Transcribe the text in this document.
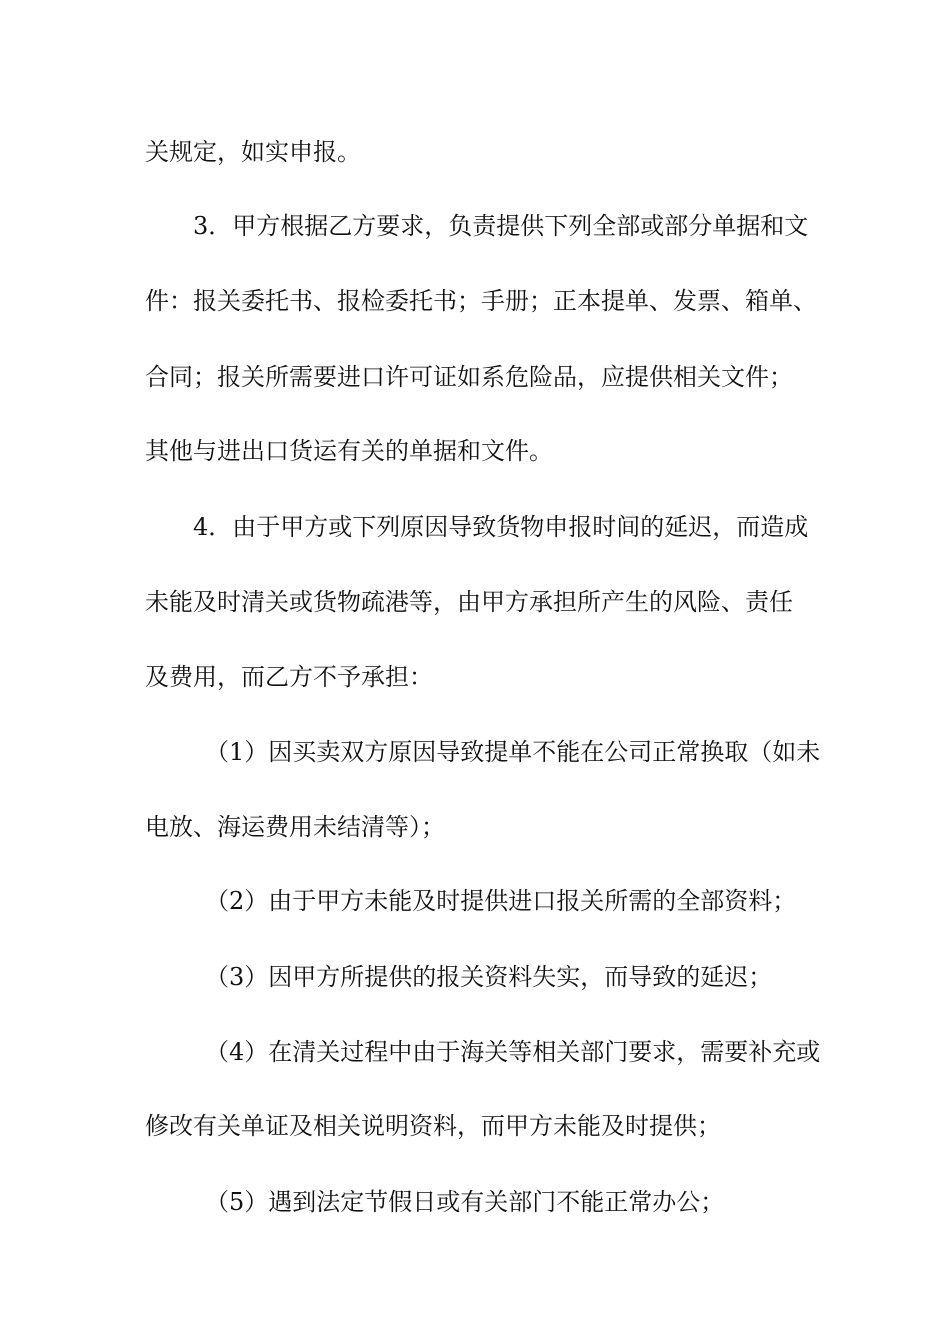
关规定，如实申报。
3．甲方根据乙方要求，负责提供下列全部或部分单据和文
件：报关委托书、报检委托书；手册；正本提单、发票、箱单、
合同；报关所需要进口许可证如系危险品，应提供相关文件；
其他与进出口货运有关的单据和文件。
4．由于甲方或下列原因导致货物申报时间的延迟，而造成
未能及时清关或货物疏港等，由甲方承担所产生的风险、责任
及费用，而乙方不予承担：
（1）因买卖双方原因导致提单不能在公司正常换取（如未
电放、海运费用未结清等）；
（2）由于甲方未能及时提供进口报关所需的全部资料；
（3）因甲方所提供的报关资料失实，而导致的延迟；
（4）在清关过程中由于海关等相关部门要求，需要补充或
修改有关单证及相关说明资料，而甲方未能及时提供；
（5）遇到法定节假日或有关部门不能正常办公；
